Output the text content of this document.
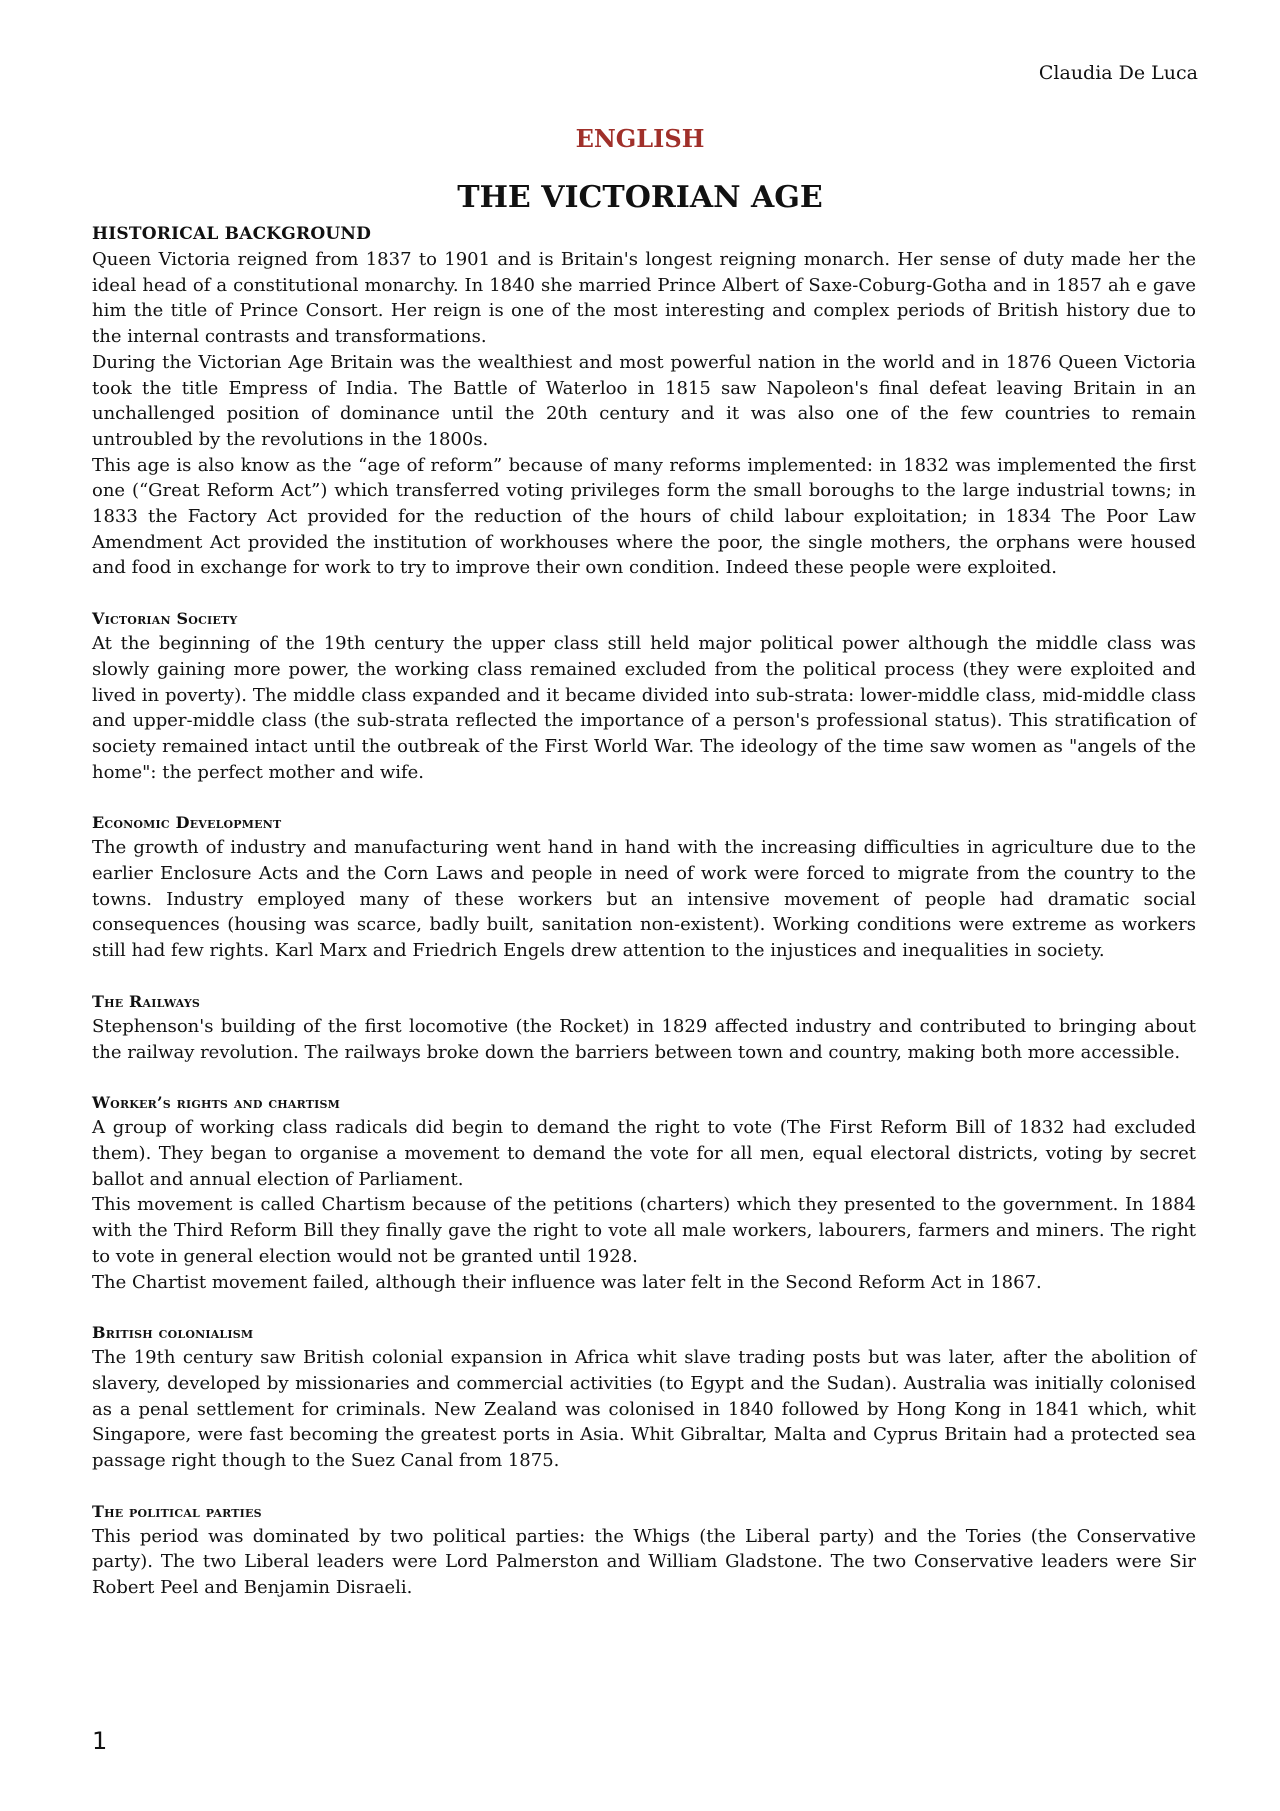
Claudia De Luca
ENGLISH
THE VICTORIAN AGE
HISTORICAL BACKGROUND

Queen Victoria reigned from 1837 to 1901 and is Britain's longest reigning monarch. Her sense of duty made her the ideal head of a constitutional monarchy. In 1840 she married Prince Albert of Saxe-Coburg-Gotha and in 1857 ah e gave him the title of Prince Consort. Her reign is one of the most interesting and complex periods of British history due to the internal contrasts and transformations.

During the Victorian Age Britain was the wealthiest and most powerful nation in the world and in 1876 Queen Victoria took the title Empress of India. The Battle of Waterloo in 1815 saw Napoleon's final defeat leaving Britain in an unchallenged position of dominance until the 20th century and it was also one of the few countries to remain untroubled by the revolutions in the 1800s.

This age is also know as the “age of reform” because of many reforms implemented: in 1832 was implemented the first one (“Great Reform Act”) which transferred voting privileges form the small boroughs to the large industrial towns; in 1833 the Factory Act provided for the reduction of the hours of child labour exploitation; in 1834 The Poor Law Amendment Act provided the institution of workhouses where the poor, the single mothers, the orphans were housed and food in exchange for work to try to improve their own condition. Indeed these people were exploited.

Victorian Society

At the beginning of the 19th century the upper class still held major political power although the middle class was slowly gaining more power, the working class remained excluded from the political process (they were exploited and lived in poverty). The middle class expanded and it became divided into sub-strata: lower-middle class, mid-middle class and upper-middle class (the sub-strata reflected the importance of a person's professional status). This stratification of society remained intact until the outbreak of the First World War. The ideology of the time saw women as "angels of the home": the perfect mother and wife.

Economic Development

The growth of industry and manufacturing went hand in hand with the increasing difficulties in agriculture due to the earlier Enclosure Acts and the Corn Laws and people in need of work were forced to migrate from the country to the towns. Industry employed many of these workers but an intensive movement of people had dramatic social consequences (housing was scarce, badly built, sanitation non-existent). Working conditions were extreme as workers still had few rights. Karl Marx and Friedrich Engels drew attention to the injustices and inequalities in society.

The Railways

Stephenson's building of the first locomotive (the Rocket) in 1829 affected industry and contributed to bringing about the railway revolution. The railways broke down the barriers between town and country, making both more accessible.

Worker’s rights and chartism

A group of working class radicals did begin to demand the right to vote (The First Reform Bill of 1832 had excluded them). They began to organise a movement to demand the vote for all men, equal electoral districts, voting by secret ballot and annual election of Parliament.

This movement is called Chartism because of the petitions (charters) which they presented to the government. In 1884 with the Third Reform Bill they finally gave the right to vote all male workers, labourers, farmers and miners. The right to vote in general election would not be granted until 1928.

The Chartist movement failed, although their influence was later felt in the Second Reform Act in 1867.

British colonialism

The 19th century saw British colonial expansion in Africa whit slave trading posts but was later, after the abolition of slavery, developed by missionaries and commercial activities (to Egypt and the Sudan). Australia was initially colonised as a penal settlement for criminals. New Zealand was colonised in 1840 followed by Hong Kong in 1841 which, whit Singapore, were fast becoming the greatest ports in Asia. Whit Gibraltar, Malta and Cyprus Britain had a protected sea passage right though to the Suez Canal from 1875.

The political parties

This period was dominated by two political parties: the Whigs (the Liberal party) and the Tories (the Conservative party). The two Liberal leaders were Lord Palmerston and William Gladstone. The two Conservative leaders were Sir Robert Peel and Benjamin Disraeli.

1
